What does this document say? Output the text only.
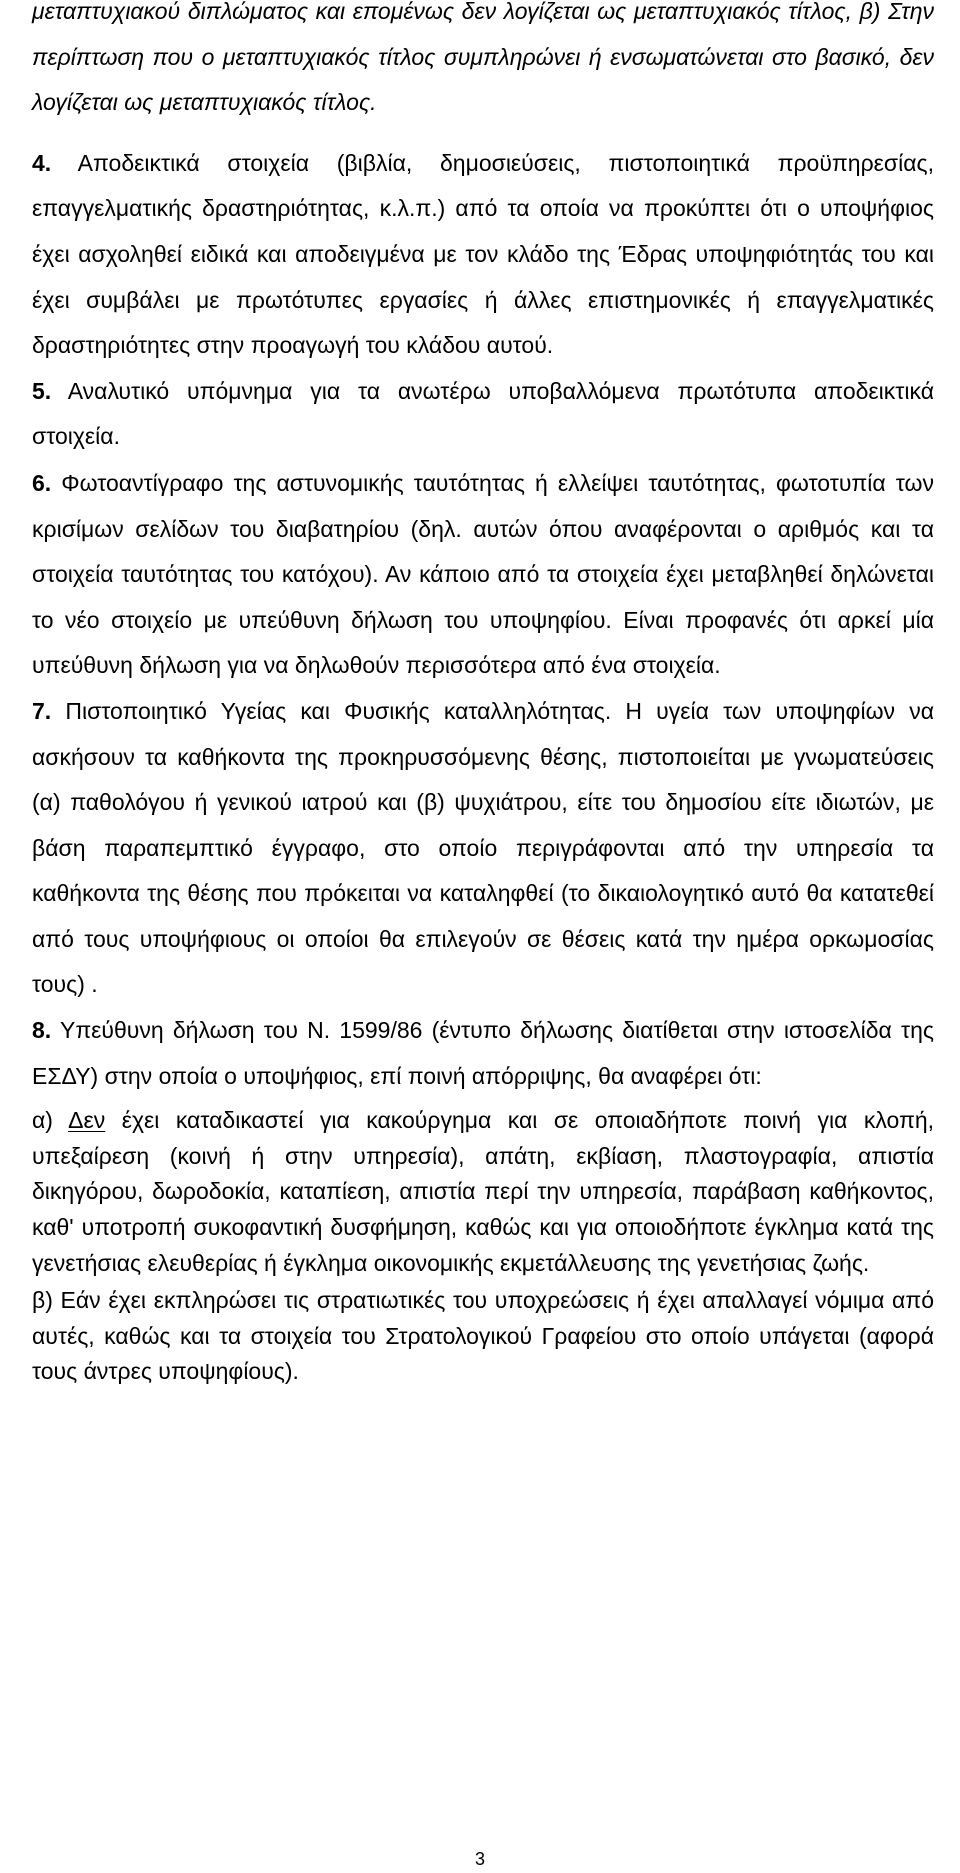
μεταπτυχιακού διπλώματος και επομένως δεν λογίζεται ως μεταπτυχιακός τίτλος, β) Στην περίπτωση που ο μεταπτυχιακός τίτλος συμπληρώνει ή ενσωματώνεται στο βασικό, δεν λογίζεται ως μεταπτυχιακός τίτλος.

4. Αποδεικτικά στοιχεία (βιβλία, δημοσιεύσεις, πιστοποιητικά προϋπηρεσίας, επαγγελματικής δραστηριότητας, κ.λ.π.) από τα οποία να προκύπτει ότι ο υποψήφιος έχει ασχοληθεί ειδικά και αποδειγμένα με τον κλάδο της Έδρας υποψηφιότητάς του και έχει συμβάλει με πρωτότυπες εργασίες ή άλλες επιστημονικές ή επαγγελματικές δραστηριότητες στην προαγωγή του κλάδου αυτού.

5. Αναλυτικό υπόμνημα για τα ανωτέρω υποβαλλόμενα πρωτότυπα αποδεικτικά στοιχεία.

6. Φωτοαντίγραφο της αστυνομικής ταυτότητας ή ελλείψει ταυτότητας, φωτοτυπία των κρισίμων σελίδων του διαβατηρίου (δηλ. αυτών όπου αναφέρονται ο αριθμός και τα στοιχεία ταυτότητας του κατόχου). Αν κάποιο από τα στοιχεία έχει μεταβληθεί δηλώνεται το νέο στοιχείο με υπεύθυνη δήλωση του υποψηφίου. Είναι προφανές ότι αρκεί μία υπεύθυνη δήλωση για να δηλωθούν περισσότερα από ένα στοιχεία.

7. Πιστοποιητικό Υγείας και Φυσικής καταλληλότητας. Η υγεία των υποψηφίων να ασκήσουν τα καθήκοντα της προκηρυσσόμενης θέσης, πιστοποιείται με γνωματεύσεις (α) παθολόγου ή γενικού ιατρού και (β) ψυχιάτρου, είτε του δημοσίου είτε ιδιωτών, με βάση παραπεμπτικό έγγραφο, στο οποίο περιγράφονται από την υπηρεσία τα καθήκοντα της θέσης που πρόκειται να καταληφθεί (το δικαιολογητικό αυτό θα κατατεθεί από τους υποψήφιους οι οποίοι θα επιλεγούν σε θέσεις κατά την ημέρα ορκωμοσίας τους) .

8. Υπεύθυνη δήλωση του Ν. 1599/86 (έντυπο δήλωσης διατίθεται στην ιστοσελίδα της ΕΣΔΥ) στην οποία ο υποψήφιος, επί ποινή απόρριψης, θα αναφέρει ότι:

α) Δεν έχει καταδικαστεί για κακούργημα και σε οποιαδήποτε ποινή για κλοπή, υπεξαίρεση (κοινή ή στην υπηρεσία), απάτη, εκβίαση, πλαστογραφία, απιστία δικηγόρου, δωροδοκία, καταπίεση, απιστία περί την υπηρεσία, παράβαση καθήκοντος, καθ' υποτροπή συκοφαντική δυσφήμηση, καθώς και για οποιοδήποτε έγκλημα κατά της γενετήσιας ελευθερίας ή έγκλημα οικονομικής εκμετάλλευσης της γενετήσιας ζωής.

β) Εάν έχει εκπληρώσει τις στρατιωτικές του υποχρεώσεις ή έχει απαλλαγεί νόμιμα από αυτές, καθώς και τα στοιχεία του Στρατολογικού Γραφείου στο οποίο υπάγεται (αφορά τους άντρες υποψηφίους).

3
